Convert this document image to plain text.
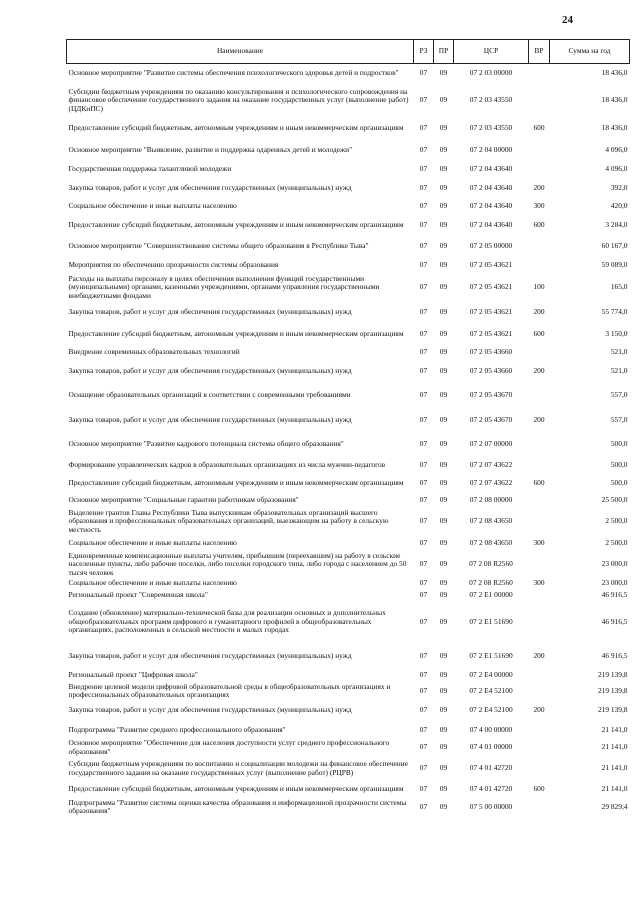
24
Наименование	РЗ	ПР	ЦСР	ВР	Сумма на год
Основное мероприятие "Развитие системы обеспечения психологического здоровья детей и подростков"	07	09	07 2 03 00000		18 436,0
Субсидии бюджетным учреждениям по оказанию консультирования и психологического сопровождения на финансовое обеспечение государственного задания на оказание государственных услуг (выполнение работ) (ЦДКиПС)	07	09	07 2 03 43550		18 436,0
Предоставление субсидий бюджетным, автономным учреждениям и иным некоммерческим организациям	07	09	07 2 03 43550	600	18 436,0
Основное мероприятие "Выявление, развитие и поддержка одаренных детей и молодежи"	07	09	07 2 04 00000		4 096,0
Государственная поддержка талантливой молодежи	07	09	07 2 04 43640		4 096,0
Закупка товаров, работ и услуг для обеспечения государственных (муниципальных) нужд	07	09	07 2 04 43640	200	392,0
Социальное обеспечение и иные выплаты населению	07	09	07 2 04 43640	300	420,0
Предоставление субсидий бюджетным, автономным учреждениям и иным некоммерческим организациям	07	09	07 2 04 43640	600	3 284,0
Основное мероприятие "Совершенствование системы общего образования в Республике Тыва"	07	09	07 2 05 00000		60 167,0
Мероприятия по обеспечению прозрачности системы образования	07	09	07 2 05 43621		59 089,0
Расходы на выплаты персоналу в целях обеспечения выполнения функций государственными (муниципальными) органами, казенными учреждениями, органами управления государственными внебюджетными фондами	07	09	07 2 05 43621	100	165,0
Закупка товаров, работ и услуг для обеспечения государственных (муниципальных) нужд	07	09	07 2 05 43621	200	55 774,0
Предоставление субсидий бюджетным, автономным учреждениям и иным некоммерческим организациям	07	09	07 2 05 43621	600	3 150,0
Внедрение современных образовательных технологий	07	09	07 2 05 43660		521,0
Закупка товаров, работ и услуг для обеспечения государственных (муниципальных) нужд	07	09	07 2 05 43660	200	521,0
Оснащение образовательных организаций в соответствии с современными требованиями	07	09	07 2 05 43670		557,0
Закупка товаров, работ и услуг для обеспечения государственных (муниципальных) нужд	07	09	07 2 05 43670	200	557,0
Основное мероприятие "Развитие кадрового потенциала системы общего образования"	07	09	07 2 07 00000		500,0
Формирование управленческих кадров в образовательных организациях из числа мужчин-педагогов	07	09	07 2 07 43622		500,0
Предоставление субсидий бюджетным, автономным учреждениям и иным некоммерческим организациям	07	09	07 2 07 43622	600	500,0
Основное мероприятие "Социальные гарантии работникам образования"	07	09	07 2 08 00000		25 500,0
Выделение грантов Главы Республики Тыва выпускникам образовательных организаций высшего образования и профессиональных образовательных организаций, выезжающим на работу в сельскую местность	07	09	07 2 08 43650		2 500,0
Социальное обеспечение и иные выплаты населению	07	09	07 2 08 43650	300	2 500,0
Единовременные компенсационные выплаты учителям, прибывшим (переехавшим) на работу в сельские населенные пункты, либо рабочие поселки, либо поселки городского типа, либо города с населением до 50 тысяч человек	07	09	07 2 08 R2560		23 000,0
Социальное обеспечение и иные выплаты населению	07	09	07 2 08 R2560	300	23 000,0
Региональный проект "Современная школа"	07	09	07 2 E1 00000		46 916,5
Создание (обновление) материально-технической базы для реализации основных и дополнительных общеобразовательных программ цифрового и гуманитарного профилей в общеобразовательных организациях, расположенных в сельской местности и малых городах	07	09	07 2 E1 51690		46 916,5
Закупка товаров, работ и услуг для обеспечения государственных (муниципальных) нужд	07	09	07 2 E1 51690	200	46 916,5
Региональный проект "Цифровая школа"	07	09	07 2 E4 00000		219 139,8
Внедрение целевой модели цифровой образовательной среды в общеобразовательных организациях и профессиональных образовательных организациях	07	09	07 2 E4 52100		219 139,8
Закупка товаров, работ и услуг для обеспечения государственных (муниципальных) нужд	07	09	07 2 E4 52100	200	219 139,8
Подпрограмма "Развитие среднего профессионального образования"	07	09	07 4 00 00000		21 141,0
Основное мероприятие "Обеспечение для населения доступности услуг среднего профессионального образования"	07	09	07 4 01 00000		21 141,0
Субсидии бюджетным учреждениям по воспитанию и социализации молодежи на финансовое обеспечение государственного задания на оказание государственных услуг (выполнение работ) (РЦРВ)	07	09	07 4 01 42720		21 141,0
Предоставление субсидий бюджетным, автономным учреждениям и иным некоммерческим организациям	07	09	07 4 01 42720	600	21 141,0
Подпрограмма "Развитие системы оценки качества образования и информационной прозрачности системы образования"	07	09	07 5 00 00000		29 829,4
